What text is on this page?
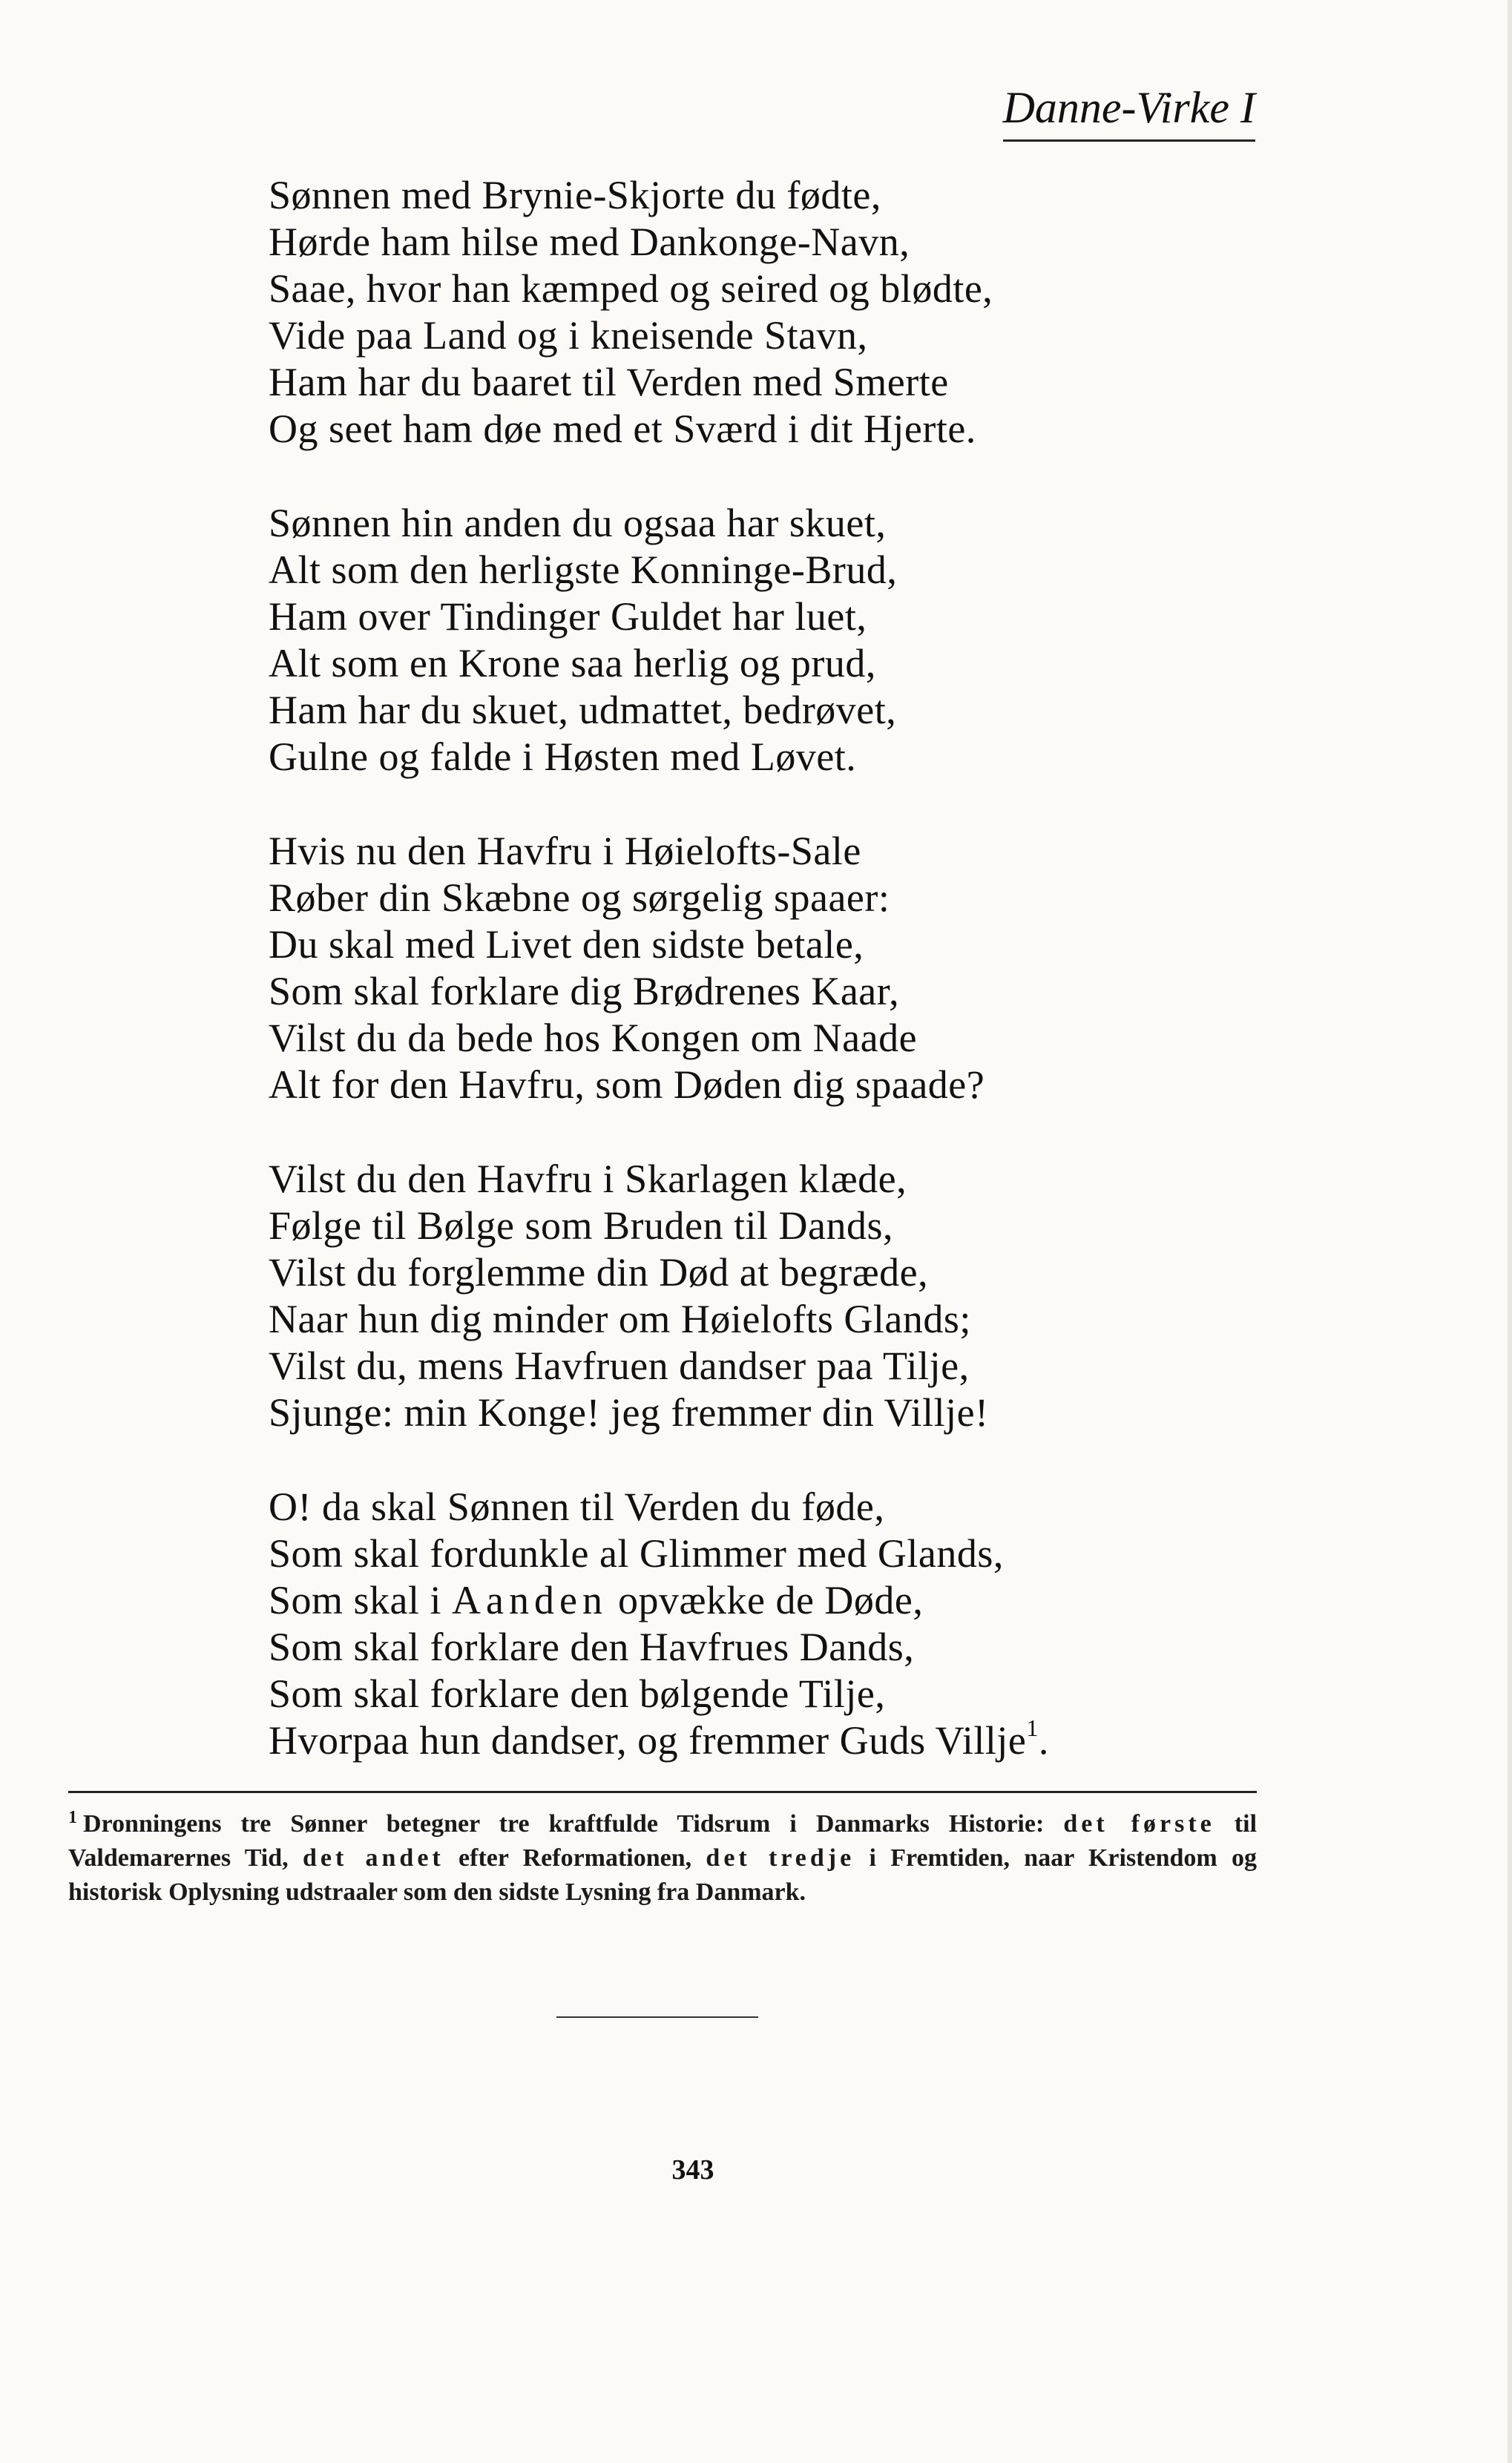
Danne-Virke I
Sønnen med Brynie-Skjorte du fødte,
Hørde ham hilse med Dankonge-Navn,
Saae, hvor han kæmped og seired og blødte,
Vide paa Land og i kneisende Stavn,
Ham har du baaret til Verden med Smerte
Og seet ham døe med et Sværd i dit Hjerte.
Sønnen hin anden du ogsaa har skuet,
Alt som den herligste Konninge-Brud,
Ham over Tindinger Guldet har luet,
Alt som en Krone saa herlig og prud,
Ham har du skuet, udmattet, bedrøvet,
Gulne og falde i Høsten med Løvet.
Hvis nu den Havfru i Høielofts-Sale
Røber din Skæbne og sørgelig spaaer:
Du skal med Livet den sidste betale,
Som skal forklare dig Brødrenes Kaar,
Vilst du da bede hos Kongen om Naade
Alt for den Havfru, som Døden dig spaade?
Vilst du den Havfru i Skarlagen klæde,
Følge til Bølge som Bruden til Dands,
Vilst du forglemme din Død at begræde,
Naar hun dig minder om Høielofts Glands;
Vilst du, mens Havfruen dandser paa Tilje,
Sjunge: min Konge! jeg fremmer din Villje!
O! da skal Sønnen til Verden du føde,
Som skal fordunkle al Glimmer med Glands,
Som skal i Aanden opvække de Døde,
Som skal forklare den Havfrues Dands,
Som skal forklare den bølgende Tilje,
Hvorpaa hun dandser, og fremmer Guds Villje$^1$.
$^1$ Dronningens tre Sønner betegner tre kraftfulde Tidsrum i Danmarks Historie: det første til Valdemarernes Tid, det andet efter Reformationen, det tredje i Fremtiden, naar Kristendom og historisk Oplysning udstraaler som den sidste Lysning fra Danmark.
343
